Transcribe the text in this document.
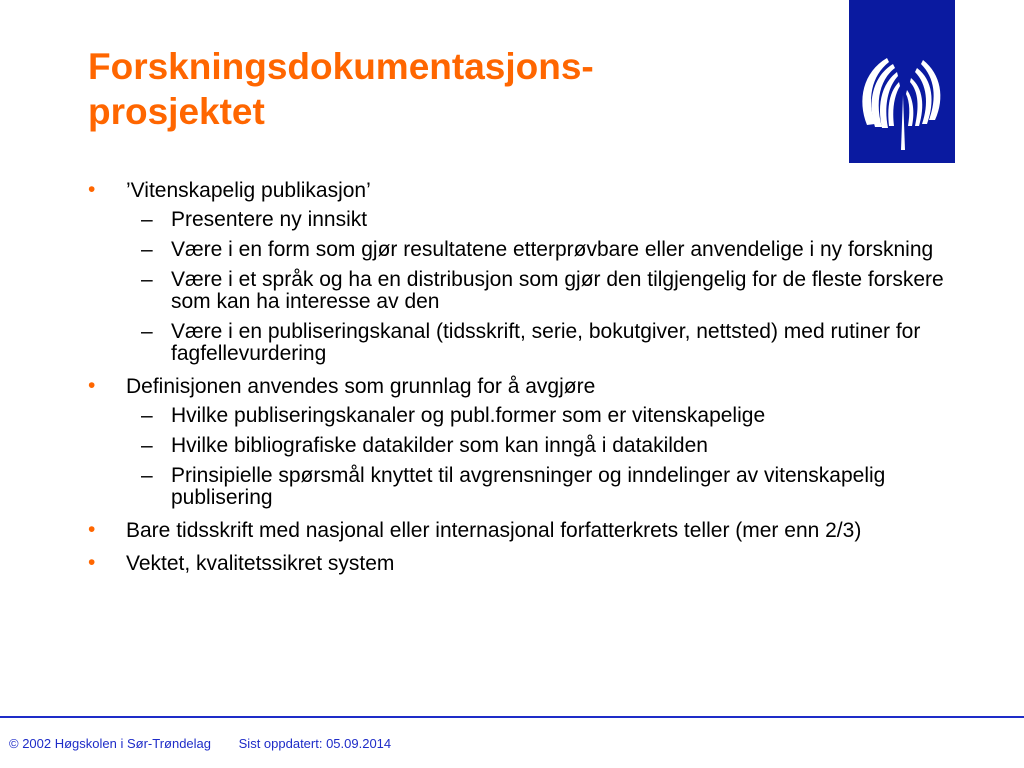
Forskningsdokumentasjons-
prosjektet
• ’Vitenskapelig publikasjon’
– Presentere ny innsikt
– Være i en form som gjør resultatene etterprøvbare eller anvendelige i ny forskning
– Være i et språk og ha en distribusjon som gjør den tilgjengelig for de fleste forskere som kan ha interesse av den
– Være i en publiseringskanal (tidsskrift, serie, bokutgiver, nettsted) med rutiner for fagfellevurdering
• Definisjonen anvendes som grunnlag for å avgjøre
– Hvilke publiseringskanaler og publ.former som er vitenskapelige
– Hvilke bibliografiske datakilder som kan inngå i datakilden
– Prinsipielle spørsmål knyttet til avgrensninger og inndelinger av vitenskapelig publisering
• Bare tidsskrift med nasjonal eller internasjonal forfatterkrets teller (mer enn 2/3)
• Vektet, kvalitetssikret system
© 2002 Høgskolen i Sør-Trøndelag Sist oppdatert: 05.09.2014
